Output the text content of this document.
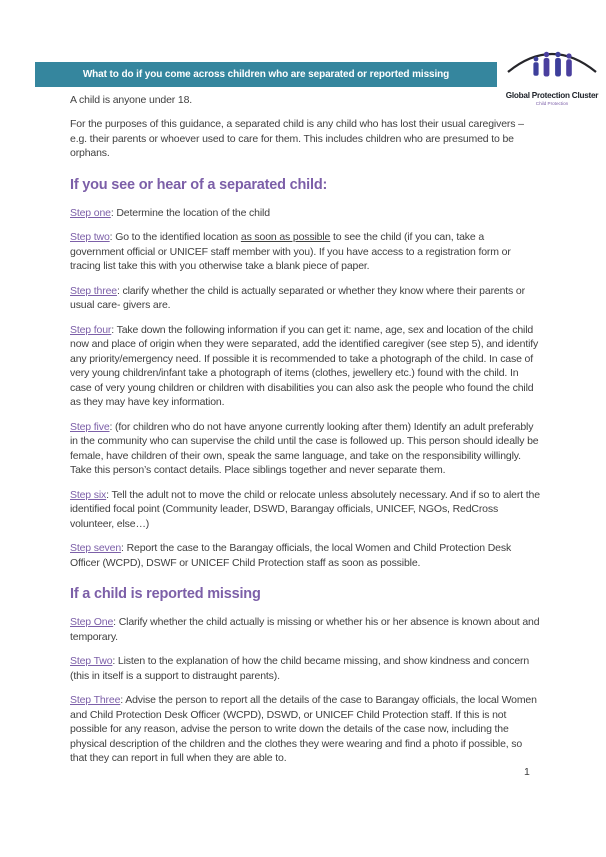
What to do if you come across children who are separated or reported missing
Global Protection Cluster
Child Protection

A child is anyone under 18.

For the purposes of this guidance, a separated child is any child who has lost their usual caregivers – e.g. their parents or whoever used to care for them. This includes children who are presumed to be orphans.

If you see or hear of a separated child:

Step one: Determine the location of the child

Step two: Go to the identified location as soon as possible to see the child (if you can, take a government official or UNICEF staff member with you). If you have access to a registration form or tracing list take this with you otherwise take a blank piece of paper.

Step three: clarify whether the child is actually separated or whether they know where their parents or usual care- givers are.

Step four: Take down the following information if you can get it: name, age, sex and location of the child now and place of origin when they were separated, add the identified caregiver (see step 5), and identify any priority/emergency need. If possible it is recommended to take a photograph of the child. In case of very young children/infant take a photograph of items (clothes, jewellery etc.) found with the child. In case of very young children or children with disabilities you can also ask the people who found the child as they may have key information.

Step five: (for children who do not have anyone currently looking after them) Identify an adult preferably in the community who can supervise the child until the case is followed up. This person should ideally be female, have children of their own, speak the same language, and take on the responsibility willingly. Take this person’s contact details. Place siblings together and never separate them.

Step six: Tell the adult not to move the child or relocate unless absolutely necessary. And if so to alert the identified focal point (Community leader, DSWD, Barangay officials, UNICEF, NGOs, RedCross volunteer, else…)

Step seven: Report the case to the Barangay officials, the local Women and Child Protection Desk Officer (WCPD), DSWF or UNICEF Child Protection staff as soon as possible.

If a child is reported missing

Step One: Clarify whether the child actually is missing or whether his or her absence is known about and temporary.

Step Two: Listen to the explanation of how the child became missing, and show kindness and concern (this in itself is a support to distraught parents).

Step Three: Advise the person to report all the details of the case to Barangay officials, the local Women and Child Protection Desk Officer (WCPD), DSWD, or UNICEF Child Protection staff. If this is not possible for any reason, advise the person to write down the details of the case now, including the physical description of the children and the clothes they were wearing and find a photo if possible, so that they can report in full when they are able to.

1
